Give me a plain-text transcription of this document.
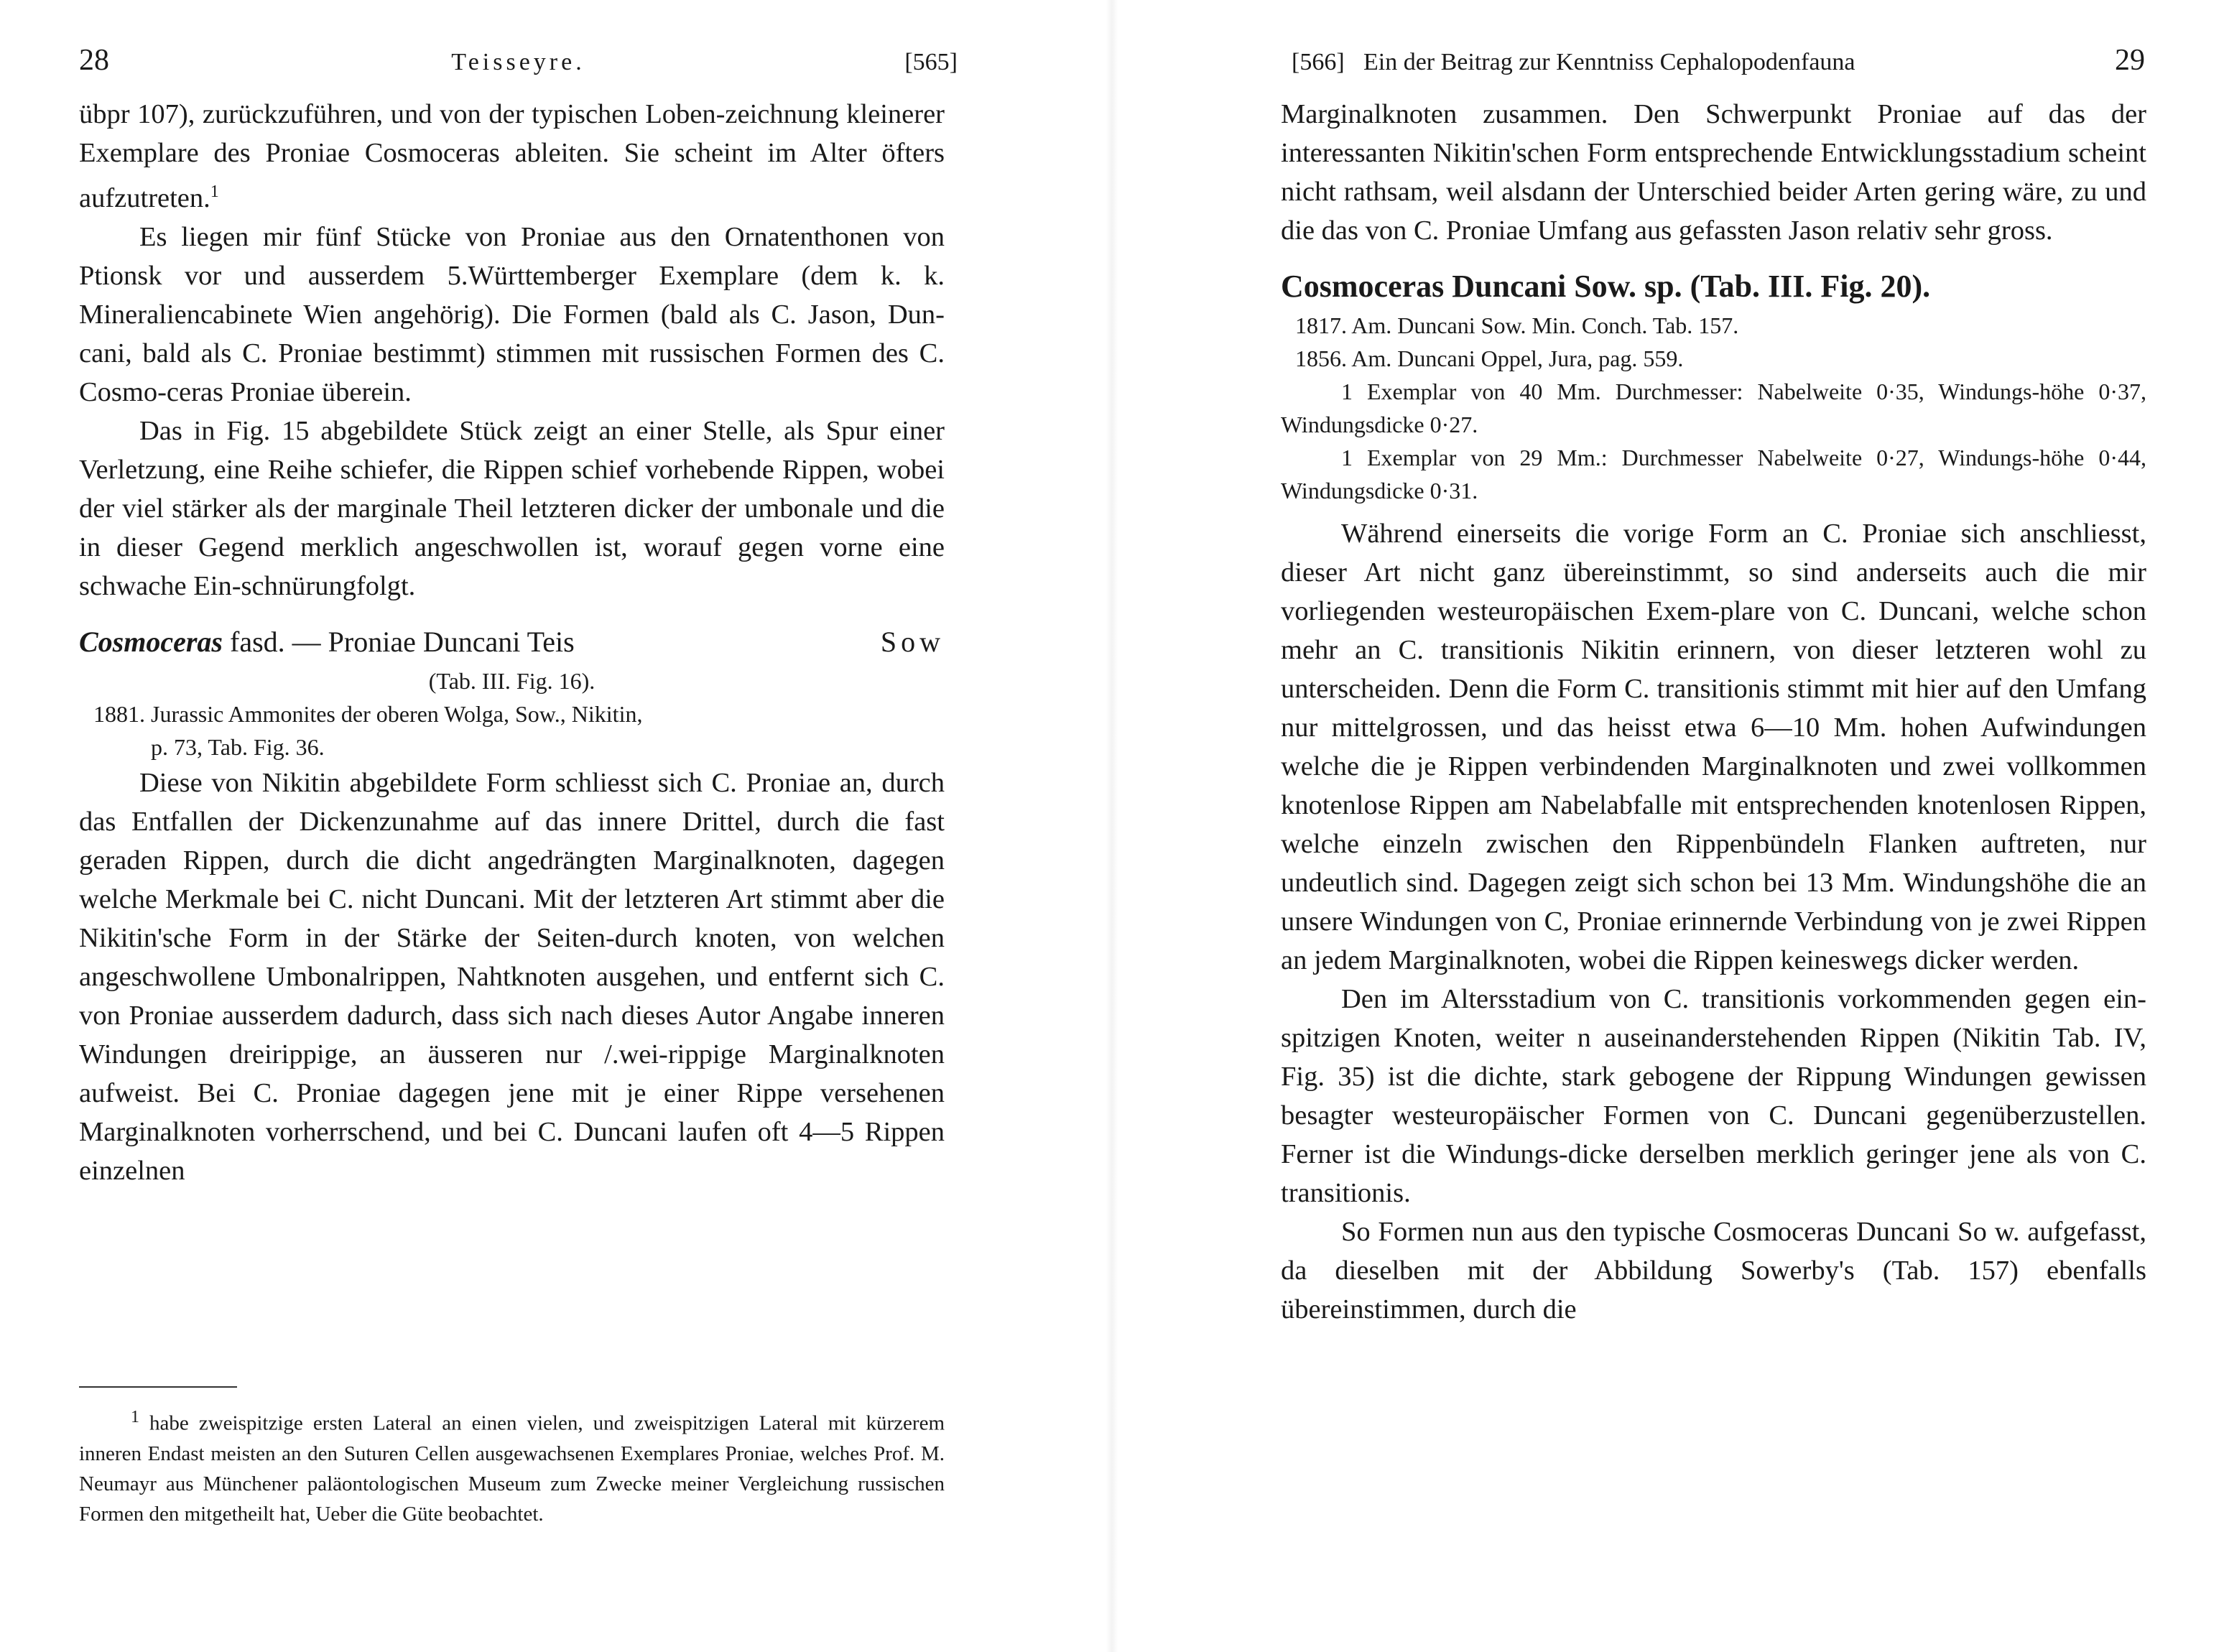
28	Teisseyre.	[565]

übpr 107), zurückzuführen, und von der typischen Loben-zeichnung kleinerer Exemplare des Proniae Cosmoceras ableiten. Sie scheint im Alter öfters aufzutreten.$^1$

Es liegen mir fünf Stücke von Proniae aus den Ornatenthonen von Ptionsk vor und ausserdem 5.Württemberger Exemplare (dem k. k. Mineraliencabinete Wien angehörig). Die Formen (bald als C. Jason, Dun-cani, bald als C. Proniae bestimmt) stimmen mit russischen Formen des C. Cosmo-ceras Proniae überein.

Das in Fig. 15 abgebildete Stück zeigt an einer Stelle, als Spur einer Verletzung, eine Reihe schiefer, die Rippen schief vorhebende Rippen, wobei der viel stärker als der marginale Theil letzteren dicker der umbonale und die in dieser Gegend merklich angeschwollen ist, worauf gegen vorne eine schwache Ein-schnürungfolgt.

Cosmoceras fasd. — Proniae Duncani Teis	Sow
(Tab. III. Fig. 16).
1881. Jurassic Ammonites der oberen Wolga, Sow., Nikitin,
p. 73, Tab. Fig. 36.

Diese von Nikitin abgebildete Form schliesst sich C. Proniae an, durch das Entfallen der Dickenzunahme auf das innere Drittel, durch die fast geraden Rippen, durch die dicht angedrängten Marginalknoten, dagegen welche Merkmale bei C. nicht Duncani. Mit der letzteren Art stimmt aber die Nikitin'sche Form in der Stärke der Seiten-durch knoten, von welchen angeschwollene Umbonalrippen, Nahtknoten ausgehen, und entfernt sich C. von Proniae ausserdem dadurch, dass sich nach dieses Autor Angabe inneren Windungen dreirippige, an äusseren nur /.wei-rippige Marginalknoten aufweist. Bei C. Proniae dagegen jene mit je einer Rippe versehenen Marginalknoten vorherrschend, und bei C. Duncani laufen oft 4—5 Rippen einzelnen

$^1$ habe zweispitzige ersten Lateral an einen vielen, und zweispitzigen Lateral mit kürzerem inneren Endast meisten an den Suturen Cellen ausgewachsenen Exemplares Proniae, welches Prof. M. Neumayr aus Münchener paläontologischen Museum zum Zwecke meiner Vergleichung russischen Formen den mitgetheilt hat, Ueber die Güte beobachtet.

[566] Ein der Beitrag zur Kenntniss Cephalopodenfauna	29

Marginalknoten zusammen. Den Schwerpunkt Proniae auf das der interessanten Nikitin'schen Form entsprechende Entwicklungsstadium scheint nicht rathsam, weil alsdann der Unterschied beider Arten gering wäre, zu und die das von C. Proniae Umfang aus gefassten Jason relativ sehr gross.

Cosmoceras Duncani Sow. sp. (Tab. III. Fig. 20).
1817. Am. Duncani Sow. Min. Conch. Tab. 157.
1856. Am. Duncani Oppel, Jura, pag. 559.
1 Exemplar von 40 Mm. Durchmesser: Nabelweite 0·35, Windungs-höhe 0·37, Windungsdicke 0·27.
1 Exemplar von 29 Mm.: Durchmesser Nabelweite 0·27, Windungs-höhe 0·44, Windungsdicke 0·31.

Während einerseits die vorige Form an C. Proniae sich anschliesst, dieser Art nicht ganz übereinstimmt, so sind anderseits auch die mir vorliegenden westeuropäischen Exem-plare von C. Duncani, welche schon mehr an C. transitionis Nikitin erinnern, von dieser letzteren wohl zu unterscheiden. Denn die Form C. transitionis stimmt mit hier auf den Umfang nur mittelgrossen, und das heisst etwa 6—10 Mm. hohen Aufwindungen welche die je Rippen verbindenden Marginalknoten und zwei vollkommen knotenlose Rippen am Nabelabfalle mit entsprechenden knotenlosen Rippen, welche einzeln zwischen den Rippenbündeln Flanken auftreten, nur undeutlich sind. Dagegen zeigt sich schon bei 13 Mm. Windungshöhe die an unsere Windungen von C, Proniae erinnernde Verbindung von je zwei Rippen an jedem Marginalknoten, wobei die Rippen keineswegs dicker werden.

Den im Altersstadium von C. transitionis vorkommenden gegen ein-spitzigen Knoten, weiter n auseinanderstehenden Rippen (Nikitin Tab. IV, Fig. 35) ist die dichte, stark gebogene der Rippung Windungen gewissen besagter westeuropäischer Formen von C. Duncani gegenüberzustellen. Ferner ist die Windungs-dicke derselben merklich geringer jene als von C. transitionis.

So Formen nun aus den typische Cosmoceras Duncani So w. aufgefasst, da dieselben mit der Abbildung Sowerby's (Tab. 157) ebenfalls übereinstimmen, durch die
